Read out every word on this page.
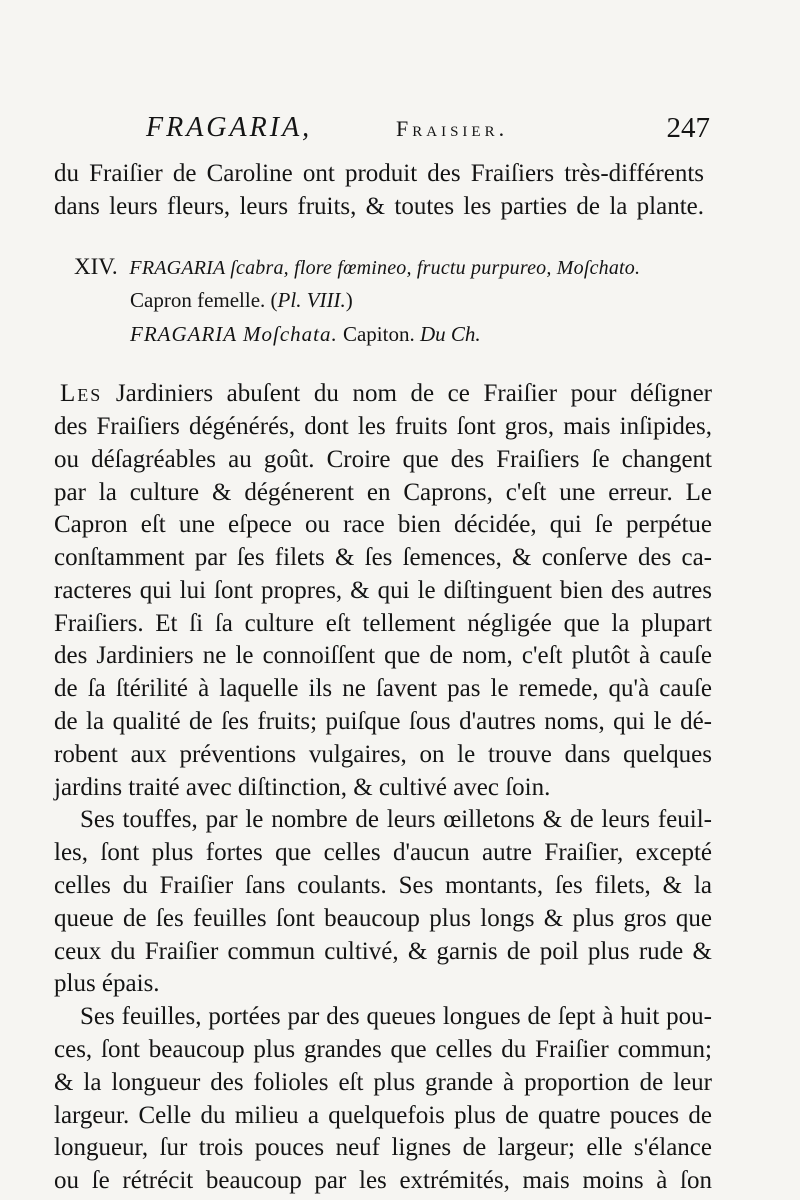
FRAGARIA,	Fraisier.	247
du Fraiſier de Caroline ont produit des Fraiſiers très-différents
dans leurs fleurs, leurs fruits, & toutes les parties de la plante.
XIV. FRAGARIA ſcabra, flore fœmineo, fructu purpureo, Moſchato.
Capron femelle. (Pl. VIII.)
FRAGARIA Moſchata. Capiton. Du Ch.
Les Jardiniers abuſent du nom de ce Fraiſier pour déſigner
des Fraiſiers dégénérés, dont les fruits ſont gros, mais inſipides,
ou déſagréables au goût. Croire que des Fraiſiers ſe changent
par la culture & dégénerent en Caprons, c'eſt une erreur. Le
Capron eſt une eſpece ou race bien décidée, qui ſe perpétue
conſtamment par ſes filets & ſes ſemences, & conſerve des ca-
racteres qui lui ſont propres, & qui le diſtinguent bien des autres
Fraiſiers. Et ſi ſa culture eſt tellement négligée que la plupart
des Jardiniers ne le connoiſſent que de nom, c'eſt plutôt à cauſe
de ſa ſtérilité à laquelle ils ne ſavent pas le remede, qu'à cauſe
de la qualité de ſes fruits; puiſque ſous d'autres noms, qui le dé-
robent aux préventions vulgaires, on le trouve dans quelques
jardins traité avec diſtinction, & cultivé avec ſoin.
Ses touffes, par le nombre de leurs œilletons & de leurs feuil-
les, ſont plus fortes que celles d'aucun autre Fraiſier, excepté
celles du Fraiſier ſans coulants. Ses montants, ſes filets, & la
queue de ſes feuilles ſont beaucoup plus longs & plus gros que
ceux du Fraiſier commun cultivé, & garnis de poil plus rude &
plus épais.
Ses feuilles, portées par des queues longues de ſept à huit pou-
ces, ſont beaucoup plus grandes que celles du Fraiſier commun;
& la longueur des folioles eſt plus grande à proportion de leur
largeur. Celle du milieu a quelquefois plus de quatre pouces de
longueur, ſur trois pouces neuf lignes de largeur; elle s'élance
ou ſe rétrécit beaucoup par les extrémités, mais moins à ſon
